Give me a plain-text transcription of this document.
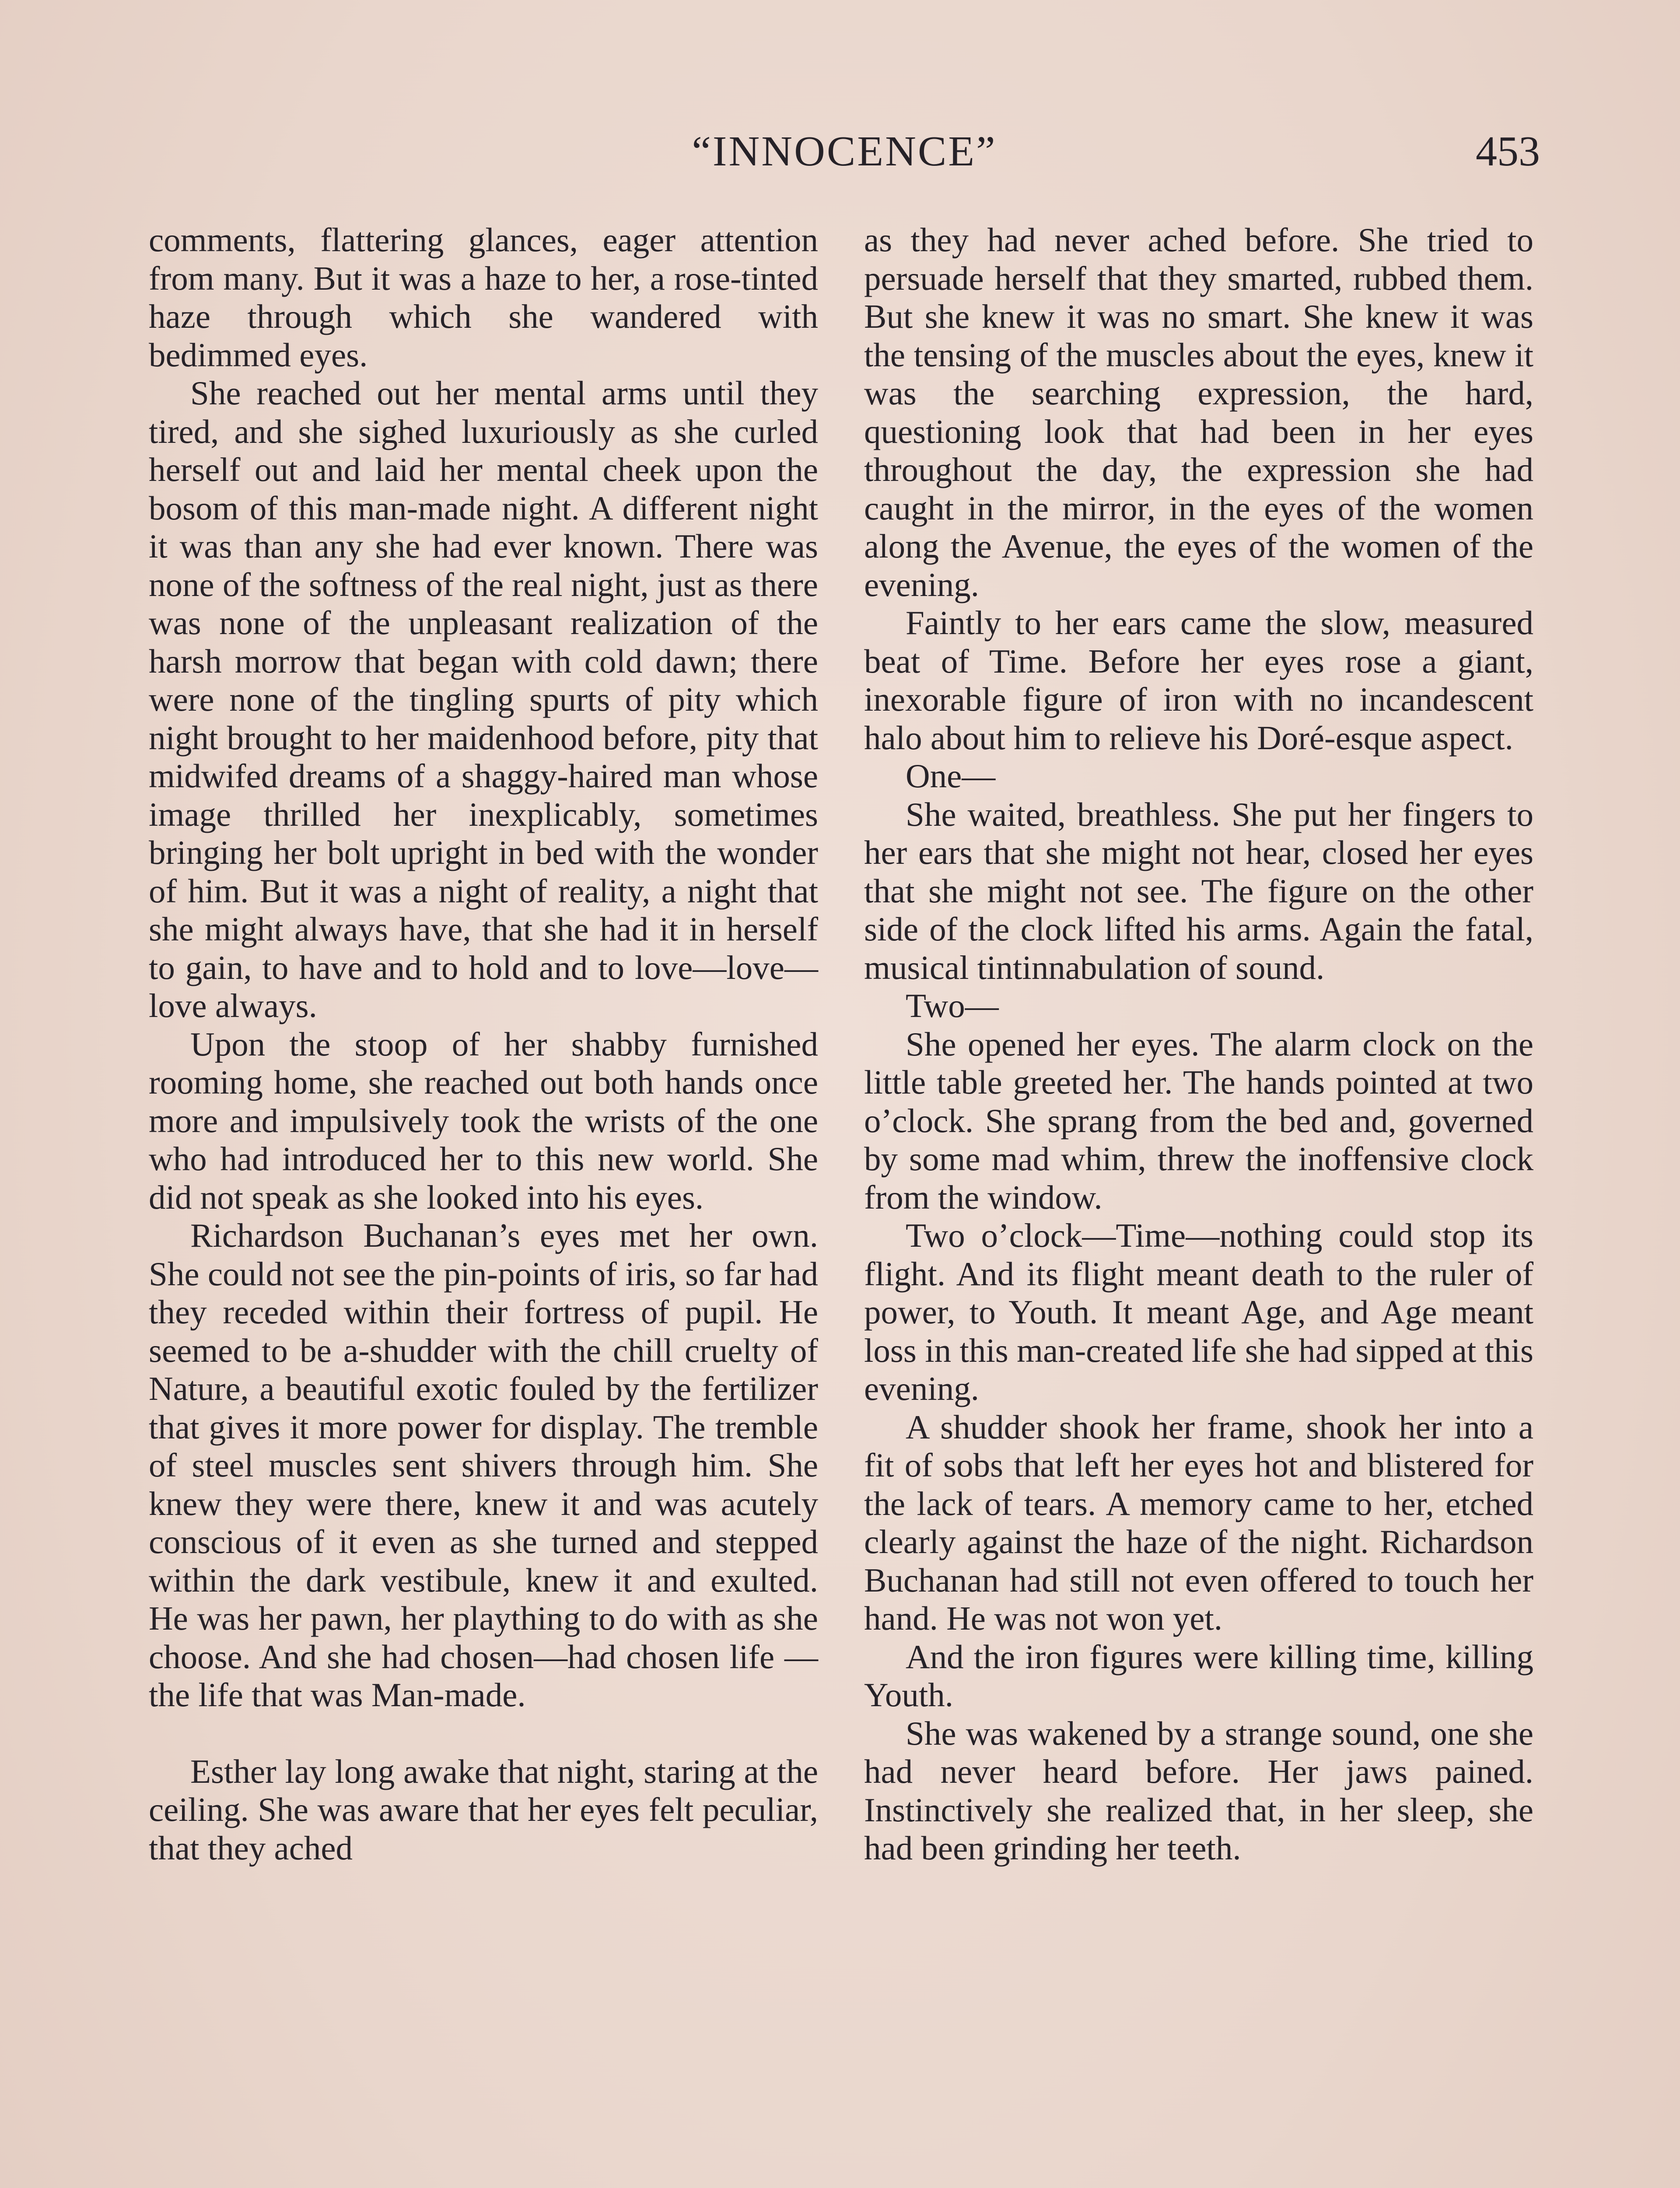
“INNOCENCE”	453

comments, flattering glances, eager attention from many. But it was a haze to her, a rose-tinted haze through which she wandered with bedimmed eyes.

She reached out her mental arms until they tired, and she sighed luxuriously as she curled herself out and laid her mental cheek upon the bosom of this man-made night. A different night it was than any she had ever known. There was none of the softness of the real night, just as there was none of the unpleasant realization of the harsh morrow that began with cold dawn; there were none of the tingling spurts of pity which night brought to her maidenhood before, pity that midwifed dreams of a shaggy-haired man whose image thrilled her inexplicably, sometimes bringing her bolt upright in bed with the wonder of him. But it was a night of reality, a night that she might always have, that she had it in herself to gain, to have and to hold and to love—love—love always.

Upon the stoop of her shabby furnished rooming home, she reached out both hands once more and impulsively took the wrists of the one who had introduced her to this new world. She did not speak as she looked into his eyes.

Richardson Buchanan’s eyes met her own. She could not see the pin-points of iris, so far had they receded within their fortress of pupil. He seemed to be a-shudder with the chill cruelty of Nature, a beautiful exotic fouled by the fertilizer that gives it more power for display. The tremble of steel muscles sent shivers through him. She knew they were there, knew it and was acutely conscious of it even as she turned and stepped within the dark vestibule, knew it and exulted. He was her pawn, her plaything to do with as she choose. And she had chosen—had chosen life —the life that was Man-made.

Esther lay long awake that night, staring at the ceiling. She was aware that her eyes felt peculiar, that they ached

as they had never ached before. She tried to persuade herself that they smarted, rubbed them. But she knew it was no smart. She knew it was the tensing of the muscles about the eyes, knew it was the searching expression, the hard, questioning look that had been in her eyes throughout the day, the expression she had caught in the mirror, in the eyes of the women along the Avenue, the eyes of the women of the evening.

Faintly to her ears came the slow, measured beat of Time. Before her eyes rose a giant, inexorable figure of iron with no incandescent halo about him to relieve his Doré-esque aspect.

One—

She waited, breathless. She put her fingers to her ears that she might not hear, closed her eyes that she might not see. The figure on the other side of the clock lifted his arms. Again the fatal, musical tintinnabulation of sound.

Two—

She opened her eyes. The alarm clock on the little table greeted her. The hands pointed at two o’clock. She sprang from the bed and, governed by some mad whim, threw the inoffensive clock from the window.

Two o’clock—Time—nothing could stop its flight. And its flight meant death to the ruler of power, to Youth. It meant Age, and Age meant loss in this man-created life she had sipped at this evening.

A shudder shook her frame, shook her into a fit of sobs that left her eyes hot and blistered for the lack of tears. A memory came to her, etched clearly against the haze of the night. Richardson Buchanan had still not even offered to touch her hand. He was not won yet.

And the iron figures were killing time, killing Youth.

She was wakened by a strange sound, one she had never heard before. Her jaws pained. Instinctively she realized that, in her sleep, she had been grinding her teeth.
